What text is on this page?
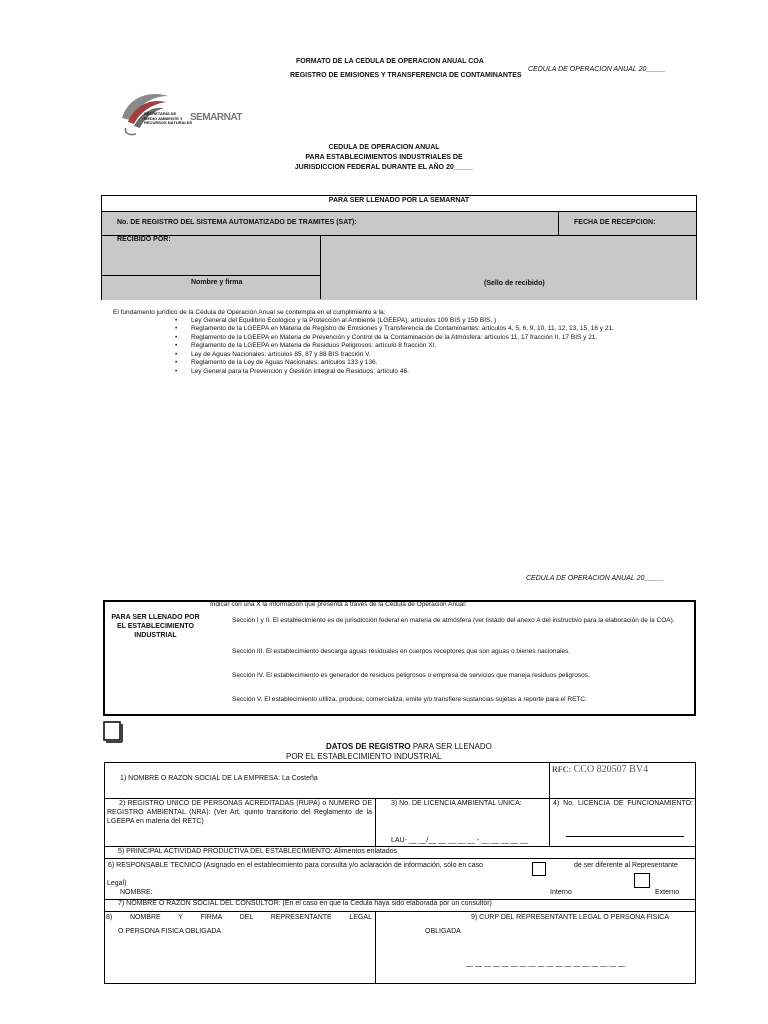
FORMATO DE LA CEDULA DE OPERACION ANUAL COA
REGISTRO DE EMISIONES Y TRANSFERENCIA DE CONTAMINANTES
CEDULA DE OPERACION ANUAL 20_____
SECRETARÍA DE
MEDIO AMBIENTE Y
RECURSOS NATURALES
SEMARNAT
CEDULA DE OPERACION ANUAL
PARA ESTABLECIMIENTOS INDUSTRIALES DE
JURISDICCION FEDERAL DURANTE EL AÑO 20_____
PARA SER LLENADO POR LA SEMARNAT
No. DE REGISTRO DEL SISTEMA AUTOMATIZADO DE TRAMITES (SAT):	FECHA DE RECEPCION:
RECIBIDO POR:
Nombre y firma	(Sello de recibido)
El fundamento jurídico de la Cédula de Operación Anual se contempla en el cumplimiento a la:
• Ley General del Equilibrio Ecológico y la Protección al Ambiente (LGEEPA): artículos 109 BIS y 159 BIS. )
• Reglamento de la LGEEPA en Materia de Registro de Emisiones y Transferencia de Contaminantes: artículos 4, 5, 6, 9, 10, 11, 12, 13, 15, 16 y 21.
• Reglamento de la LGEEPA en Materia de Prevención y Control de la Contaminación de la Atmósfera: artículos 11, 17 fracción II, 17 BIS y 21.
• Reglamento de la LGEEPA en Materia de Residuos Peligrosos: artículo 8 fracción XI.
• Ley de Aguas Nacionales: artículos 85, 87 y 88 BIS fracción V.
• Reglamento de la Ley de Aguas Nacionales: artículos 133 y 136.
• Ley General para la Prevención y Gestión Integral de Residuos: artículo 46.
CEDULA DE OPERACION ANUAL 20_____
PARA SER LLENADO POR EL ESTABLECIMIENTO INDUSTRIAL
Indicar con una X la información que presenta a través de la Cédula de Operación Anual:
Sección I y II. El establecimiento es de jurisdicción federal en materia de atmósfera (ver listado del anexo A del instructivo para la elaboración de la COA).
Sección III. El establecimiento descarga aguas residuales en cuerpos receptores que son aguas o bienes nacionales.
Sección IV. El establecimiento es generador de residuos peligrosos o empresa de servicios que maneja residuos peligrosos.
Sección V. El establecimiento utiliza, produce, comercializa, emite y/o transfiere sustancias sujetas a reporte para el RETC.
DATOS DE REGISTRO PARA SER LLENADO
POR EL ESTABLECIMIENTO INDUSTRIAL
1) NOMBRE O RAZON SOCIAL DE LA EMPRESA: La Costeña
RFC: CCO 820507 BV4
2) REGISTRO UNICO DE PERSONAS ACREDITADAS (RUPA) o NUMERO DE REGISTRO AMBIENTAL (NRA): (Ver Art. quinto transitorio del Reglamento de la LGEEPA en materia del RETC)
3) No. DE LICENCIA AMBIENTAL UNICA:
LAU- __ __/__ __ __ __ __ - __ __ __ __ __
4) No. LICENCIA DE FUNCIONAMIENTO:
5) PRINCIPAL ACTIVIDAD PRODUCTIVA DEL ESTABLECIMIENTO: Alimentos enlatados
6) RESPONSABLE TECNICO (Asignado en el establecimiento para consulta y/o aclaración de información, sólo en caso	de ser diferente al Representante
Legal)
NOMBRE:	Interno	Externo
7) NOMBRE O RAZON SOCIAL DEL CONSULTOR: (En el caso en que la Cédula haya sido elaborada por un consultor)
8) NOMBRE Y FIRMA DEL REPRESENTANTE LEGAL
O PERSONA FISICA OBLIGADA
9) CURP DEL REPRESENTANTE LEGAL O PERSONA FISICA
OBLIGADA
— — — — — — — — — — — — — — — — — —
